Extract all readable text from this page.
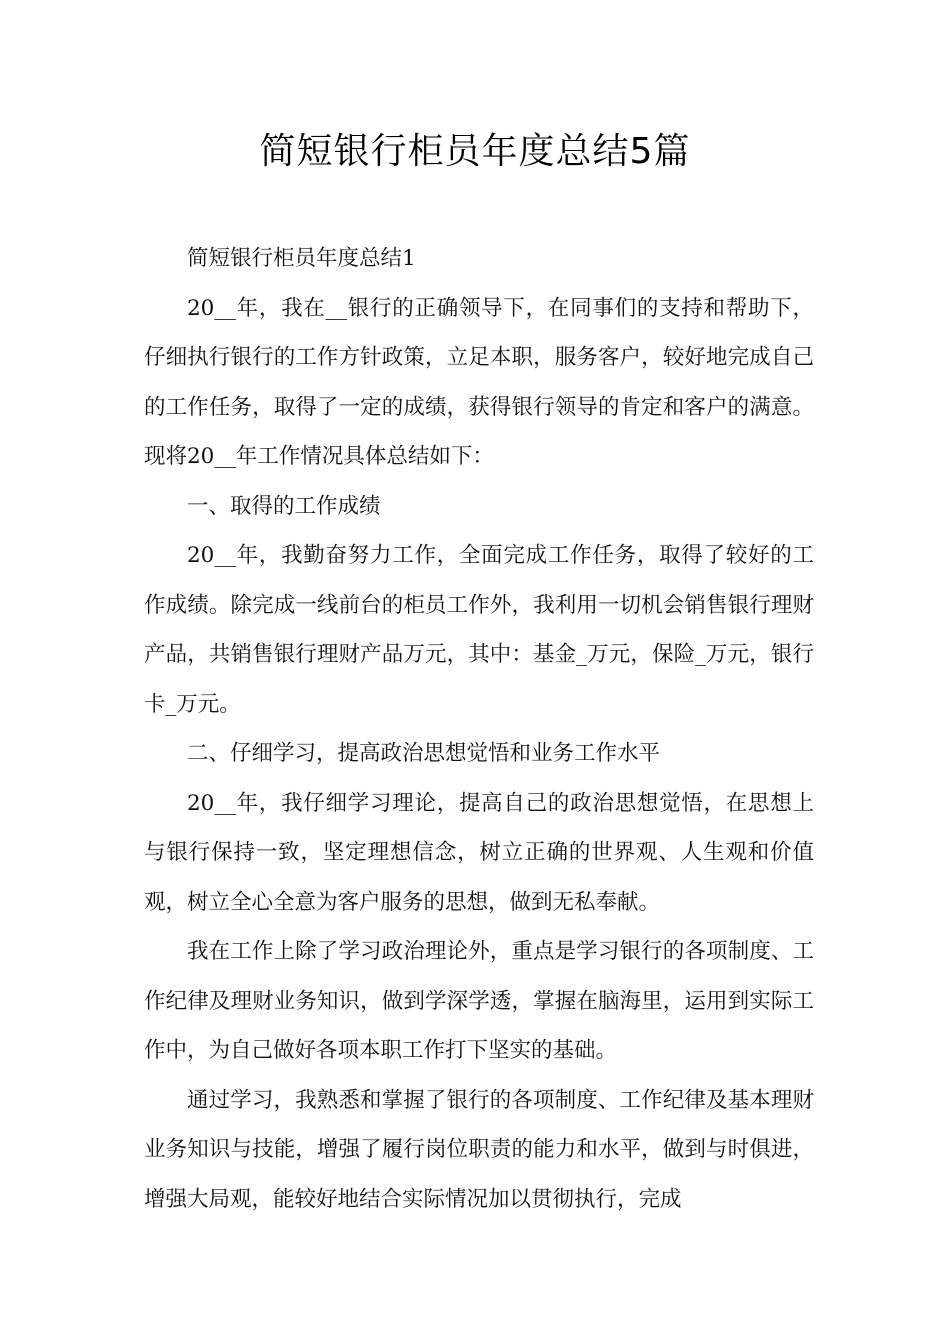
简短银行柜员年度总结5篇

简短银行柜员年度总结1

20__年，我在__银行的正确领导下，在同事们的支持和帮助下，仔细执行银行的工作方针政策，立足本职，服务客户，较好地完成自己的工作任务，取得了一定的成绩，获得银行领导的肯定和客户的满意。现将20__年工作情况具体总结如下：

一、取得的工作成绩

20__年，我勤奋努力工作，全面完成工作任务，取得了较好的工作成绩。除完成一线前台的柜员工作外，我利用一切机会销售银行理财产品，共销售银行理财产品万元，其中：基金_万元，保险_万元，银行卡_万元。

二、仔细学习，提高政治思想觉悟和业务工作水平

20__年，我仔细学习理论，提高自己的政治思想觉悟，在思想上与银行保持一致，坚定理想信念，树立正确的世界观、人生观和价值观，树立全心全意为客户服务的思想，做到无私奉献。

我在工作上除了学习政治理论外，重点是学习银行的各项制度、工作纪律及理财业务知识，做到学深学透，掌握在脑海里，运用到实际工作中，为自己做好各项本职工作打下坚实的基础。

通过学习，我熟悉和掌握了银行的各项制度、工作纪律及基本理财业务知识与技能，增强了履行岗位职责的能力和水平，做到与时俱进，增强大局观，能较好地结合实际情况加以贯彻执行，完成
